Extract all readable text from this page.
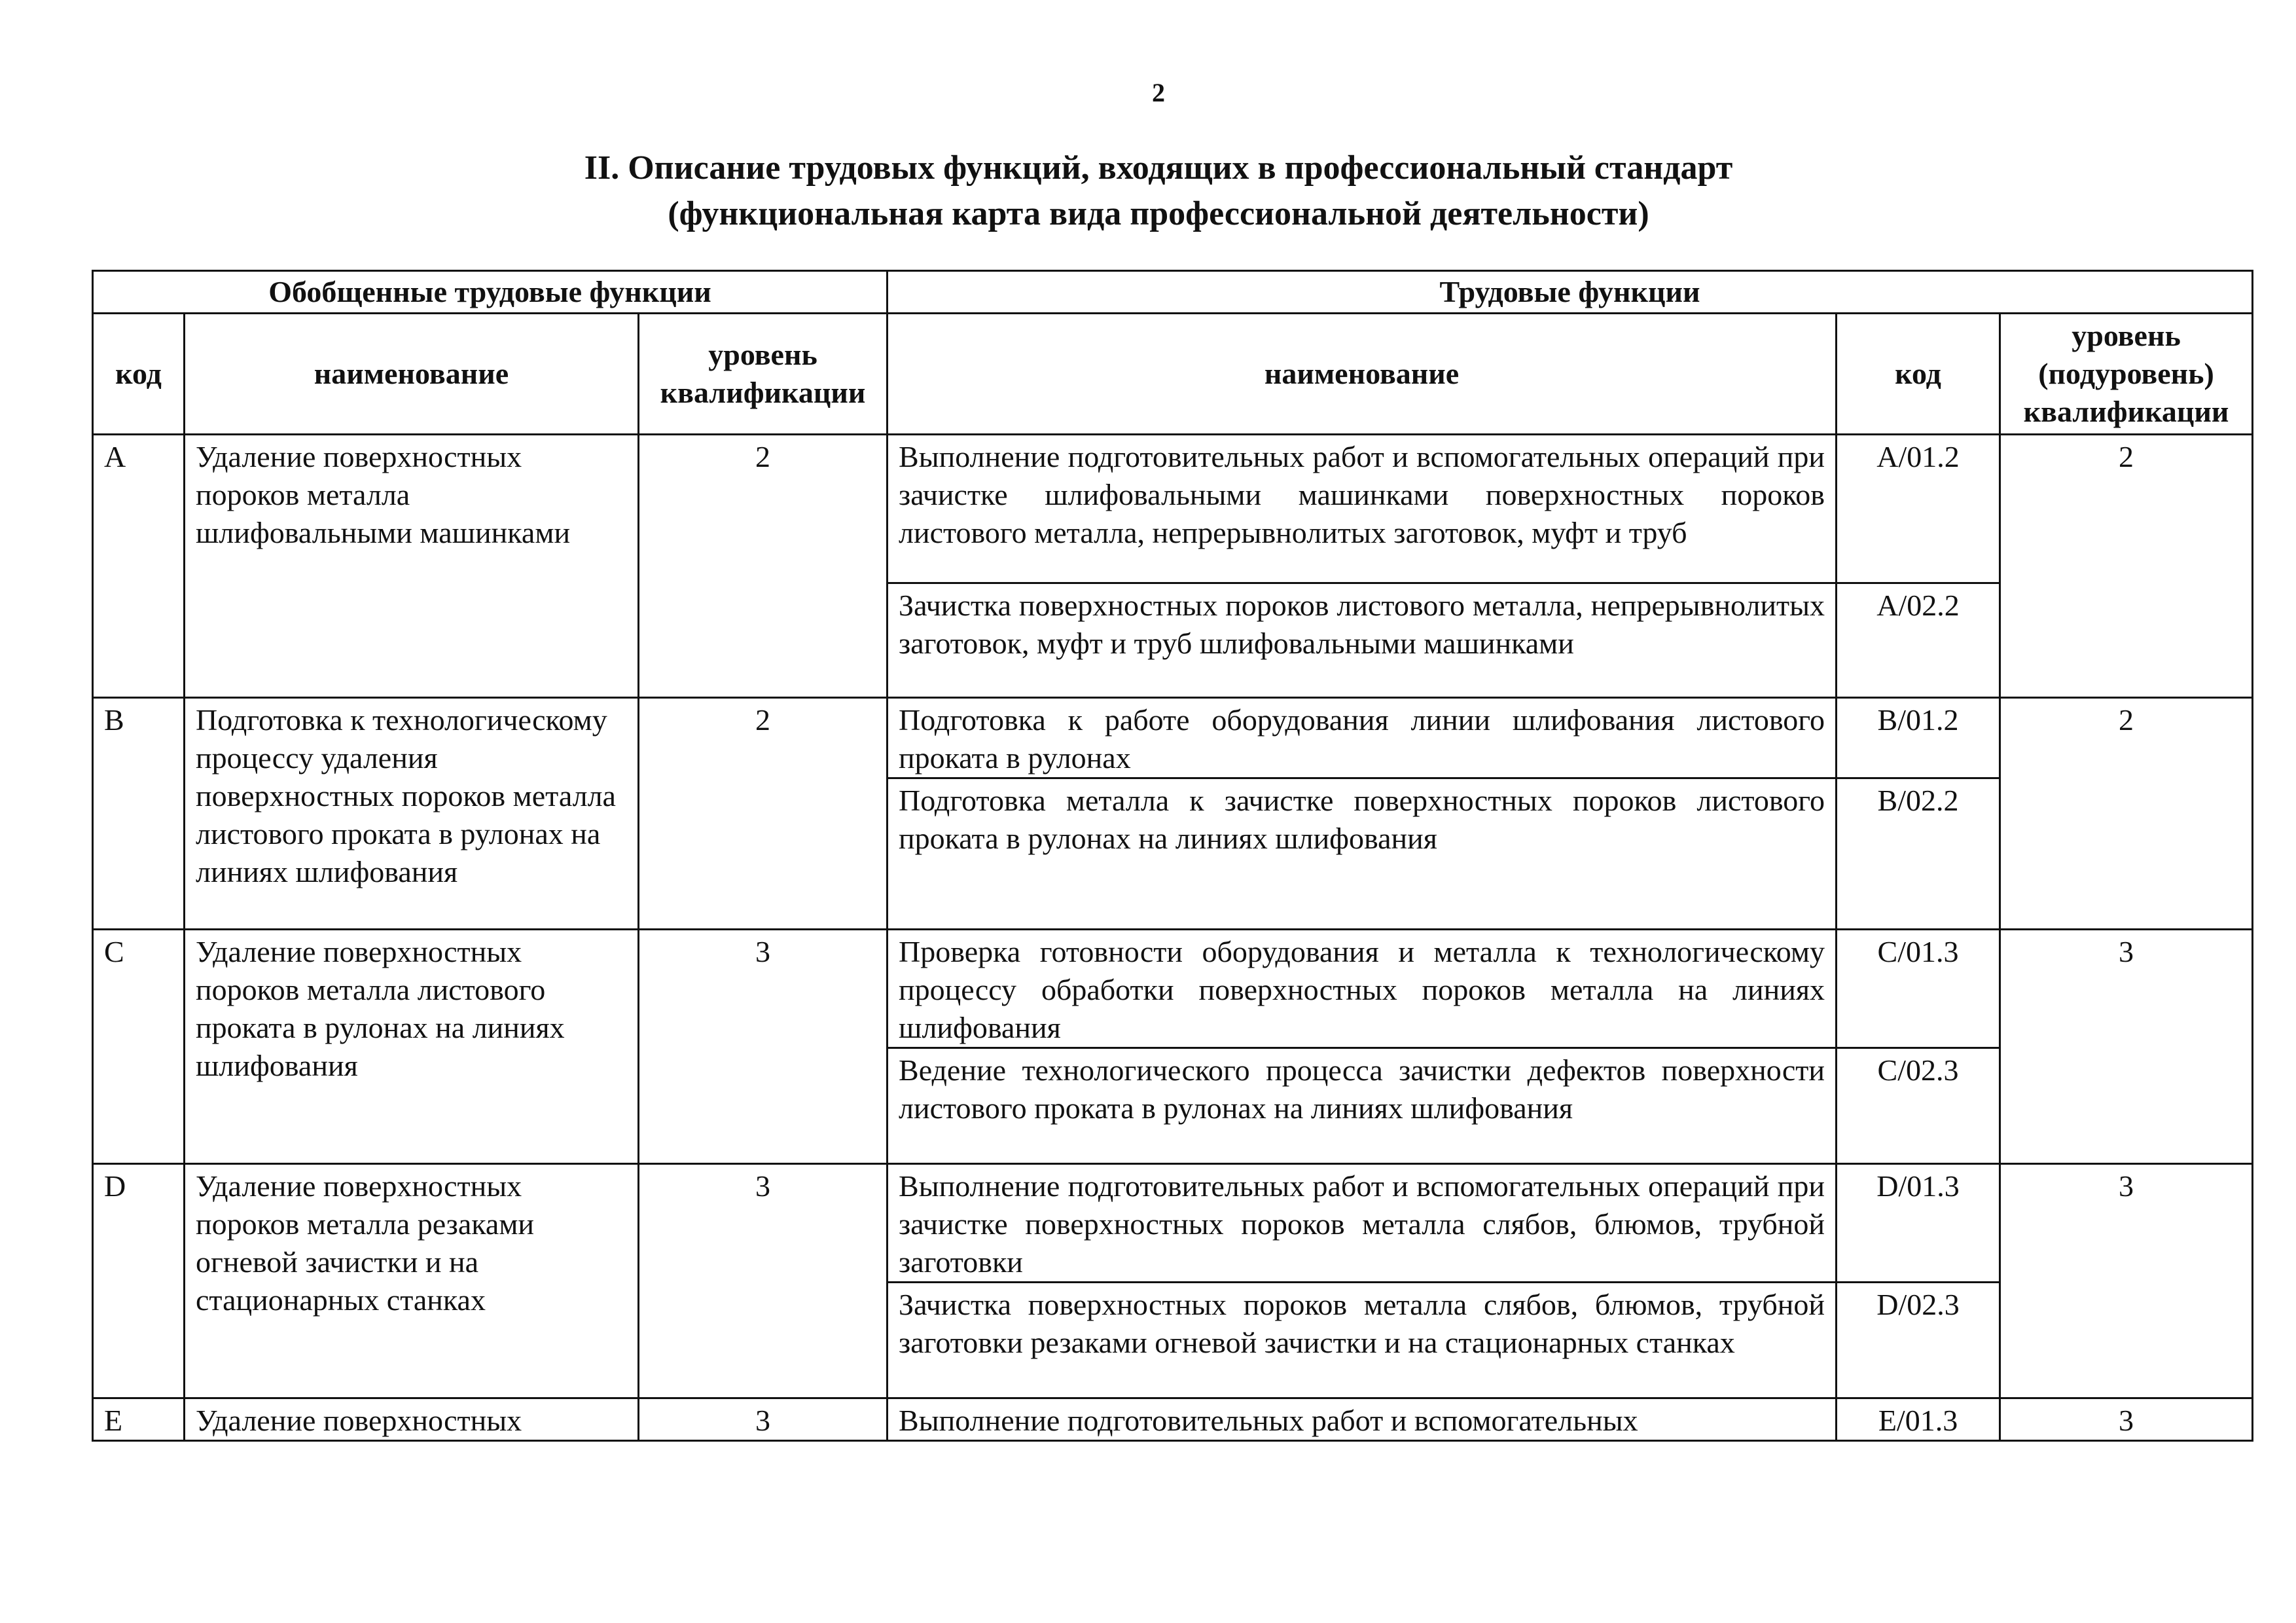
2
II. Описание трудовых функций, входящих в профессиональный стандарт
(функциональная карта вида профессиональной деятельности)
Обобщенные трудовые функции			Трудовые функции		
код	наименование	уровень квалификации	наименование	код	уровень (подуровень) квалификации
A	Удаление поверхностных пороков металла шлифовальными машинками	2	Выполнение подготовительных работ и вспомогательных операций при зачистке шлифовальными машинками поверхностных пороков листового металла, непрерывнолитых заготовок, муфт и труб	A/01.2	2
			Зачистка поверхностных пороков листового металла, непрерывнолитых заготовок, муфт и труб шлифовальными машинками	A/02.2	
B	Подготовка к технологическому процессу удаления поверхностных пороков металла листового проката в рулонах на линиях шлифования	2	Подготовка к работе оборудования линии шлифования листового проката в рулонах	B/01.2	2
			Подготовка металла к зачистке поверхностных пороков листового проката в рулонах на линиях шлифования	B/02.2	
C	Удаление поверхностных пороков металла листового проката в рулонах на линиях шлифования	3	Проверка готовности оборудования и металла к технологическому процессу обработки поверхностных пороков металла на линиях шлифования	C/01.3	3
			Ведение технологического процесса зачистки дефектов поверхности листового проката в рулонах на линиях шлифования	C/02.3	
D	Удаление поверхностных пороков металла резаками огневой зачистки и на стационарных станках	3	Выполнение подготовительных работ и вспомогательных операций при зачистке поверхностных пороков металла слябов, блюмов, трубной заготовки	D/01.3	3
			Зачистка поверхностных пороков металла слябов, блюмов, трубной заготовки резаками огневой зачистки и на стационарных станках	D/02.3	
E	Удаление поверхностных	3	Выполнение подготовительных работ и вспомогательных	E/01.3	3
